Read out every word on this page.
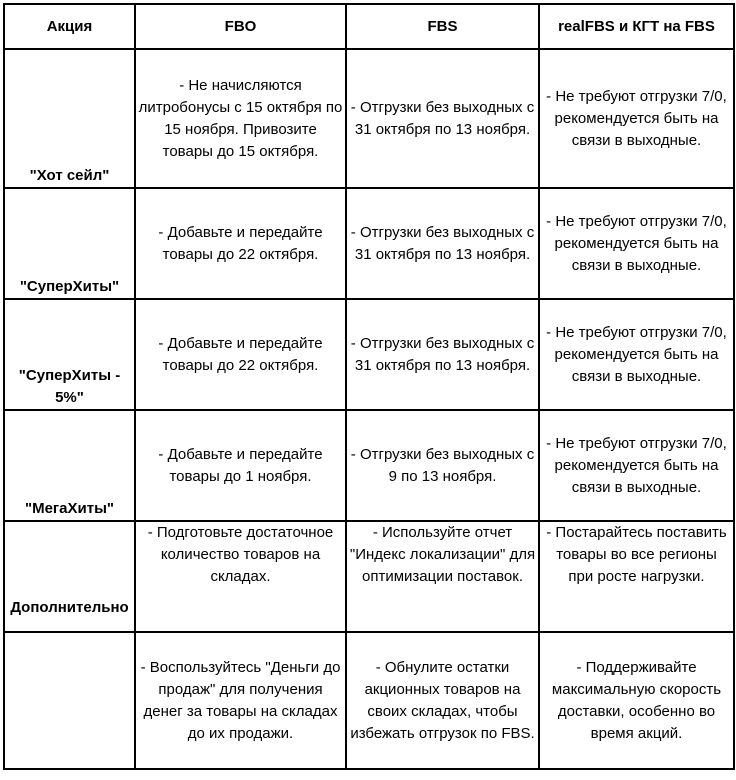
Акция	FBO	FBS	realFBS и КГТ на FBS
"Хот сейл"	- Не начисляются литробонусы с 15 октября по 15 ноября. Привозите товары до 15 октября.	- Отгрузки без выходных с 31 октября по 13 ноября.	- Не требуют отгрузки 7/0, рекомендуется быть на связи в выходные.
"СуперХиты"	- Добавьте и передайте товары до 22 октября.	- Отгрузки без выходных с 31 октября по 13 ноября.	- Не требуют отгрузки 7/0, рекомендуется быть на связи в выходные.
"СуперХиты - 5%"	- Добавьте и передайте товары до 22 октября.	- Отгрузки без выходных с 31 октября по 13 ноября.	- Не требуют отгрузки 7/0, рекомендуется быть на связи в выходные.
"МегаХиты"	- Добавьте и передайте товары до 1 ноября.	- Отгрузки без выходных с 9 по 13 ноября.	- Не требуют отгрузки 7/0, рекомендуется быть на связи в выходные.
Дополнительно	- Подготовьте достаточное количество товаров на складах.	- Используйте отчет "Индекс локализации" для оптимизации поставок.	- Постарайтесь поставить товары во все регионы при росте нагрузки.
	- Воспользуйтесь "Деньги до продаж" для получения денег за товары на складах до их продажи.	- Обнулите остатки акционных товаров на своих складах, чтобы избежать отгрузок по FBS.	- Поддерживайте максимальную скорость доставки, особенно во время акций.
